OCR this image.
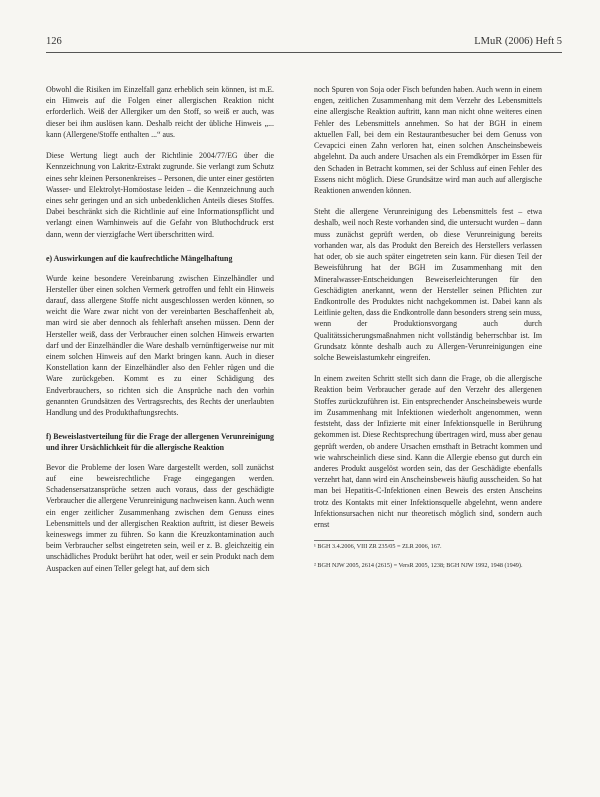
126	LMuR (2006) Heft 5

Obwohl die Risiken im Einzelfall ganz erheblich sein können, ist m.E. ein Hinweis auf die Folgen einer allergischen Reaktion nicht erforderlich. Weiß der Allergiker um den Stoff, so weiß er auch, was dieser bei ihm auslösen kann. Deshalb reicht der übliche Hinweis „... kann (Allergene/Stoffe enthalten ...“ aus.

Diese Wertung liegt auch der Richtlinie 2004/77/EG über die Kennzeichnung von Lakritz-Extrakt zugrunde. Sie verlangt zum Schutz eines sehr kleinen Personenkreises – Personen, die unter einer gestörten Wasser- und Elektrolyt-Homöostase leiden – die Kennzeichnung auch eines sehr geringen und an sich unbedenklichen Anteils dieses Stoffes. Dabei beschränkt sich die Richtlinie auf eine Informationspflicht und verlangt einen Warnhinweis auf die Gefahr von Bluthochdruck erst dann, wenn der vierzigfache Wert überschritten wird.

e) Auswirkungen auf die kaufrechtliche Mängelhaftung

Wurde keine besondere Vereinbarung zwischen Einzelhändler und Hersteller über einen solchen Vermerk getroffen und fehlt ein Hinweis darauf, dass allergene Stoffe nicht ausgeschlossen werden können, so weicht die Ware zwar nicht von der vereinbarten Beschaffenheit ab, man wird sie aber dennoch als fehlerhaft ansehen müssen. Denn der Hersteller weiß, dass der Verbraucher einen solchen Hinweis erwarten darf und der Einzelhändler die Ware deshalb vernünftigerweise nur mit einem solchen Hinweis auf den Markt bringen kann. Auch in dieser Konstellation kann der Einzelhändler also den Fehler rügen und die Ware zurückgeben. Kommt es zu einer Schädigung des Endverbrauchers, so richten sich die Ansprüche nach den vorhin genannten Grundsätzen des Vertragsrechts, des Rechts der unerlaubten Handlung und des Produkthaftungsrechts.

f) Beweislastverteilung für die Frage der allergenen Verunreinigung und ihrer Ursächlichkeit für die allergische Reaktion

Bevor die Probleme der losen Ware dargestellt werden, soll zunächst auf eine beweisrechtliche Frage eingegangen werden. Schadensersatzansprüche setzen auch voraus, dass der geschädigte Verbraucher die allergene Verunreinigung nachweisen kann. Auch wenn ein enger zeitlicher Zusammenhang zwischen dem Genuss eines Lebensmittels und der allergischen Reaktion auftritt, ist dieser Beweis keineswegs immer zu führen. So kann die Kreuzkontamination auch beim Verbraucher selbst eingetreten sein, weil er z. B. gleichzeitig ein unschädliches Produkt berührt hat oder, weil er sein Produkt nach dem Auspacken auf einen Teller gelegt hat, auf dem sich

noch Spuren von Soja oder Fisch befunden haben. Auch wenn in einem engen, zeitlichen Zusammenhang mit dem Verzehr des Lebensmittels eine allergische Reaktion auftritt, kann man nicht ohne weiteres einen Fehler des Lebensmittels annehmen. So hat der BGH in einem aktuellen Fall, bei dem ein Restaurantbesucher bei dem Genuss von Cevapcici einen Zahn verloren hat, einen solchen Anscheinsbeweis abgelehnt. Da auch andere Ursachen als ein Fremdkörper im Essen für den Schaden in Betracht kommen, sei der Schluss auf einen Fehler des Essens nicht möglich. Diese Grundsätze wird man auch auf allergische Reaktionen anwenden können.

Steht die allergene Verunreinigung des Lebensmittels fest – etwa deshalb, weil noch Reste vorhanden sind, die untersucht wurden – dann muss zunächst geprüft werden, ob diese Verunreinigung bereits vorhanden war, als das Produkt den Bereich des Herstellers verlassen hat oder, ob sie auch später eingetreten sein kann. Für diesen Teil der Beweisführung hat der BGH im Zusammenhang mit den Mineralwasser-Entscheidungen Beweiserleichterungen für den Geschädigten anerkannt, wenn der Hersteller seinen Pflichten zur Endkontrolle des Produktes nicht nachgekommen ist. Dabei kann als Leitlinie gelten, dass die Endkontrolle dann besonders streng sein muss, wenn der Produktionsvorgang auch durch Qualitätssicherungsmaßnahmen nicht vollständig beherrschbar ist. Im Grundsatz könnte deshalb auch zu Allergen-Verunreinigungen eine solche Beweislastumkehr eingreifen.

In einem zweiten Schritt stellt sich dann die Frage, ob die allergische Reaktion beim Verbraucher gerade auf den Verzehr des allergenen Stoffes zurückzuführen ist. Ein entsprechender Anscheinsbeweis wurde im Zusammenhang mit Infektionen wiederholt angenommen, wenn feststeht, dass der Infizierte mit einer Infektionsquelle in Berührung gekommen ist. Diese Rechtsprechung übertragen wird, muss aber genau geprüft werden, ob andere Ursachen ernsthaft in Betracht kommen und wie wahrscheinlich diese sind. Kann die Allergie ebenso gut durch ein anderes Produkt ausgelöst worden sein, das der Geschädigte ebenfalls verzehrt hat, dann wird ein Anscheinsbeweis häufig ausscheiden. So hat man bei Hepatitis-C-Infektionen einen Beweis des ersten Anscheins trotz des Kontakts mit einer Infektionsquelle abgelehnt, wenn andere Infektionsursachen nicht nur theoretisch möglich sind, sondern auch ernst

¹ BGH 3.4.2006, VIII ZR 235/05 = ZLR 2006, 167.

² BGH NJW 2005, 2614 (2615) = VersR 2005, 1238; BGH NJW 1992, 1948 (1949).
